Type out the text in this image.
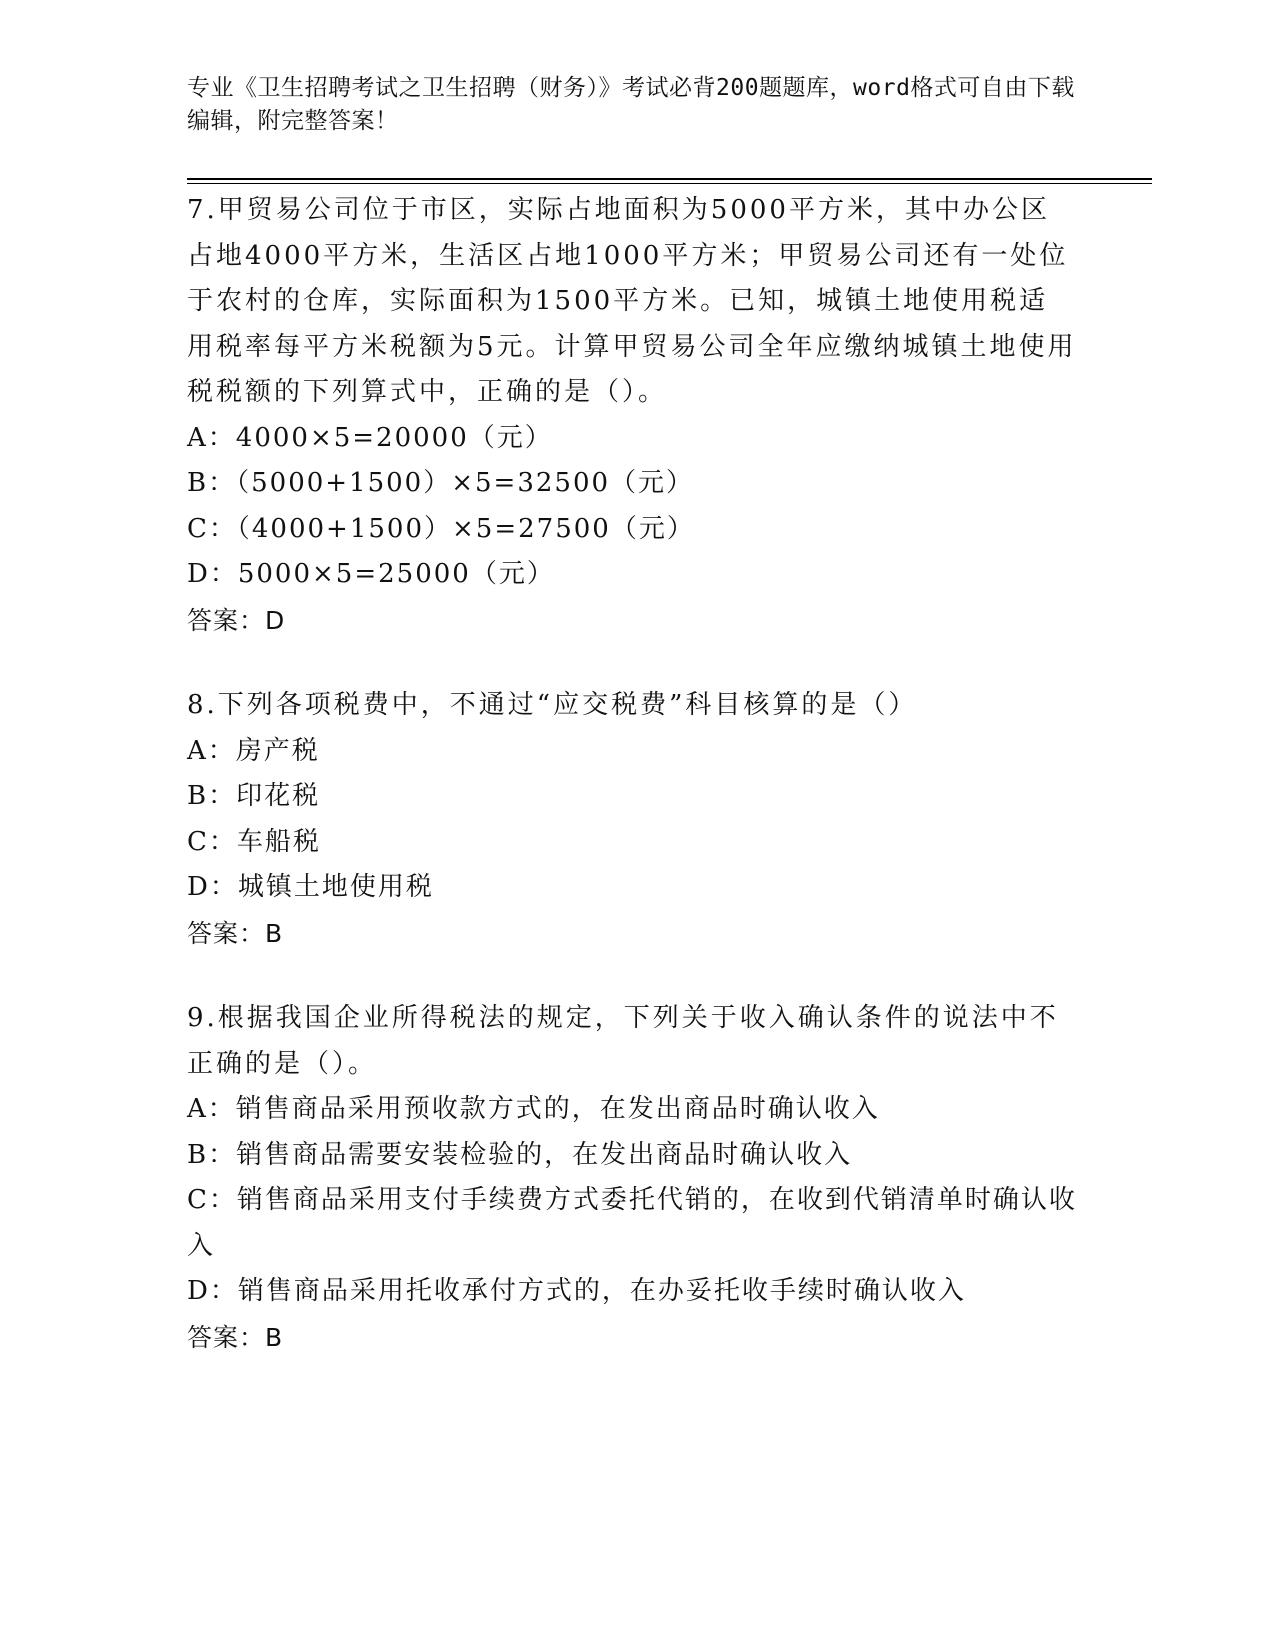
专业《卫生招聘考试之卫生招聘（财务）》考试必背200题题库，word格式可自由下载编辑，附完整答案！

7.甲贸易公司位于市区，实际占地面积为5000平方米，其中办公区占地4000平方米，生活区占地1000平方米；甲贸易公司还有一处位于农村的仓库，实际面积为1500平方米。已知，城镇土地使用税适用税率每平方米税额为5元。计算甲贸易公司全年应缴纳城镇土地使用税税额的下列算式中，正确的是（）。

A：4000×5=20000（元）

B：（5000+1500）×5=32500（元）

C：（4000+1500）×5=27500（元）

D：5000×5=25000（元）

答案：D

8.下列各项税费中，不通过“应交税费”科目核算的是（）

A：房产税

B：印花税

C：车船税

D：城镇土地使用税

答案：B

9.根据我国企业所得税法的规定，下列关于收入确认条件的说法中不正确的是（）。

A：销售商品采用预收款方式的，在发出商品时确认收入

B：销售商品需要安装检验的，在发出商品时确认收入

C：销售商品采用支付手续费方式委托代销的，在收到代销清单时确认收入

D：销售商品采用托收承付方式的，在办妥托收手续时确认收入

答案：B
